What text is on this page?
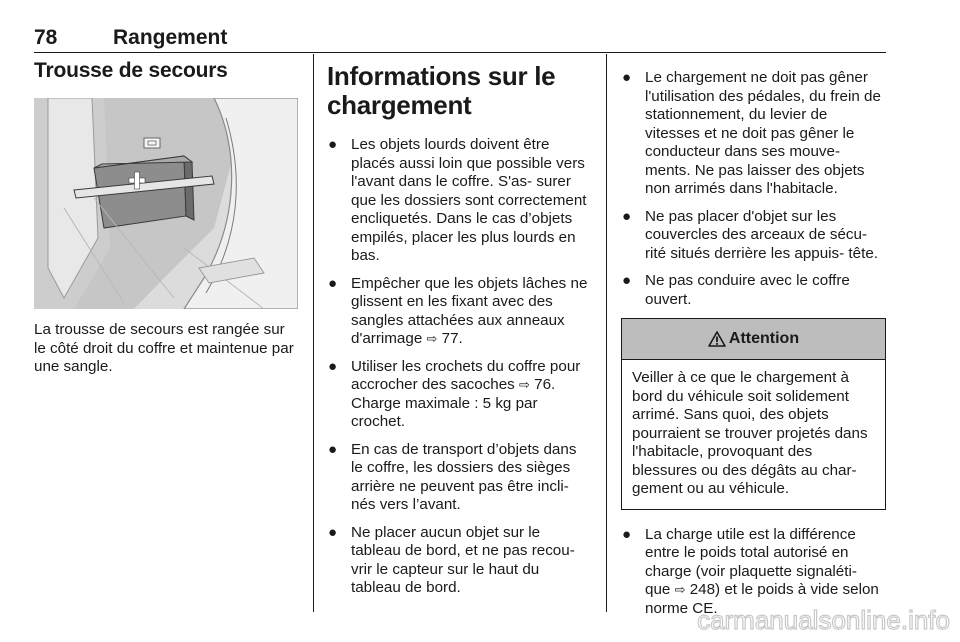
78	Rangement
Trousse de secours
La trousse de secours est rangée sur le côté droit du coffre et maintenue par une sangle.
Informations sur le chargement
● Les objets lourds doivent être placés aussi loin que possible vers l'avant dans le coffre. S'as- surer que les dossiers sont correctement encliquetés. Dans le cas d’objets empilés, placer les plus lourds en bas.
● Empêcher que les objets lâches ne glissent en les fixant avec des sangles attachées aux anneaux d'arrimage ⇨ 77.
● Utiliser les crochets du coffre pour accrocher des sacoches ⇨ 76. Charge maximale : 5 kg par crochet.
● En cas de transport d’objets dans le coffre, les dossiers des sièges arrière ne peuvent pas être incli- nés vers l’avant.
● Ne placer aucun objet sur le tableau de bord, et ne pas recou- vrir le capteur sur le haut du tableau de bord.
● Le chargement ne doit pas gêner l'utilisation des pédales, du frein de stationnement, du levier de vitesses et ne doit pas gêner le conducteur dans ses mouve- ments. Ne pas laisser des objets non arrimés dans l'habitacle.
● Ne pas placer d'objet sur les couvercles des arceaux de sécu- rité situés derrière les appuis- tête.
● Ne pas conduire avec le coffre ouvert.
Attention
Veiller à ce que le chargement à bord du véhicule soit solidement arrimé. Sans quoi, des objets pourraient se trouver projetés dans l'habitacle, provoquant des blessures ou des dégâts au char- gement ou au véhicule.
● La charge utile est la différence entre le poids total autorisé en charge (voir plaquette signaléti- que ⇨ 248) et le poids à vide selon norme CE.
carmanualsonline.info
